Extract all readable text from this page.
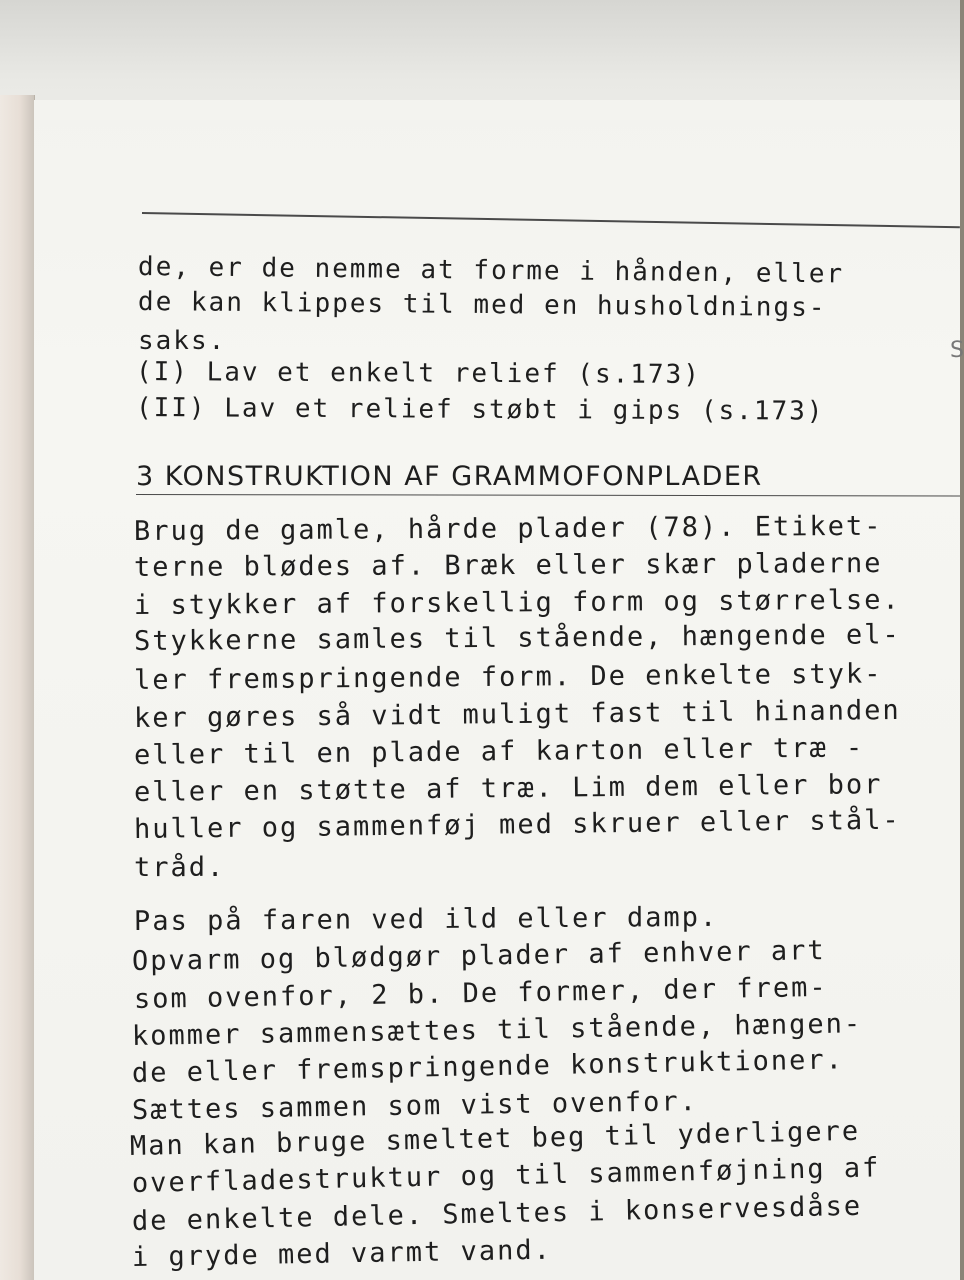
de, er de nemme at forme i hånden, eller
de kan klippes til med en husholdnings-
saks.
(I) Lav et enkelt relief (s.173)
(II) Lav et relief støbt i gips (s.173)
S
3 KONSTRUKTION AF GRAMMOFONPLADER
Brug de gamle, hårde plader (78). Etiket-
terne blødes af. Bræk eller skær pladerne
i stykker af forskellig form og størrelse.
Stykkerne samles til stående, hængende el-
ler fremspringende form. De enkelte styk-
ker gøres så vidt muligt fast til hinanden
eller til en plade af karton eller træ -
eller en støtte af træ. Lim dem eller bor
huller og sammenføj med skruer eller stål-
tråd.
Pas på faren ved ild eller damp.
Opvarm og blødgør plader af enhver art
som ovenfor, 2 b. De former, der frem-
kommer sammensættes til stående, hængen-
de eller fremspringende konstruktioner.
Sættes sammen som vist ovenfor.
Man kan bruge smeltet beg til yderligere
overfladestruktur og til sammenføjning af
de enkelte dele. Smeltes i konservesdåse
i gryde med varmt vand.
